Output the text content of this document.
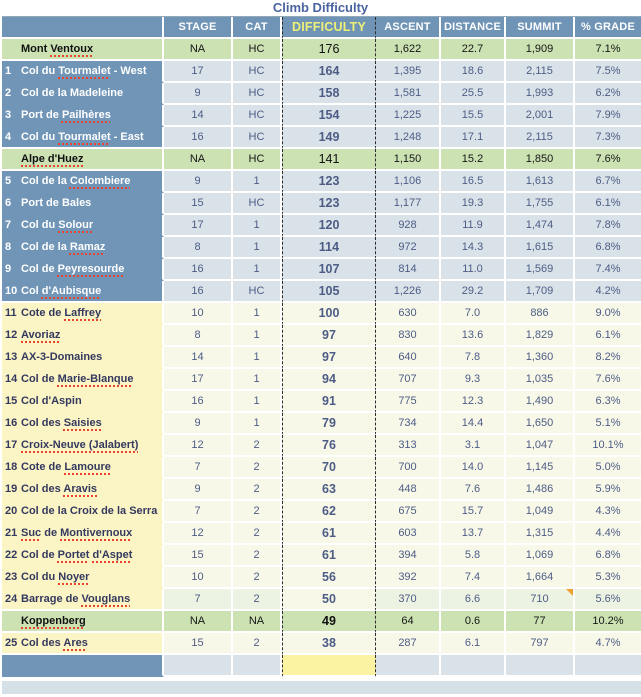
Climb Difficulty
	STAGE	CAT	DIFFICULTY	ASCENT	DISTANCE	SUMMIT	% GRADE
Mont Ventoux	NA	HC	176	1,622	22.7	1,909	7.1%
1 Col du Tourmalet - West	17	HC	164	1,395	18.6	2,115	7.5%
2 Col de la Madeleine	9	HC	158	1,581	25.5	1,993	6.2%
3 Port de Pailhères	14	HC	154	1,225	15.5	2,001	7.9%
4 Col du Tourmalet - East	16	HC	149	1,248	17.1	2,115	7.3%
Alpe d'Huez	NA	HC	141	1,150	15.2	1,850	7.6%
5 Col de la Colombiere	9	1	123	1,106	16.5	1,613	6.7%
6 Port de Bales	15	HC	123	1,177	19.3	1,755	6.1%
7 Col du Solour	17	1	120	928	11.9	1,474	7.8%
8 Col de la Ramaz	8	1	114	972	14.3	1,615	6.8%
9 Col de Peyresourde	16	1	107	814	11.0	1,569	7.4%
10 Col d'Aubisque	16	HC	105	1,226	29.2	1,709	4.2%
11 Cote de Laffrey	10	1	100	630	7.0	886	9.0%
12 Avoriaz	8	1	97	830	13.6	1,829	6.1%
13 AX-3-Domaines	14	1	97	640	7.8	1,360	8.2%
14 Col de Marie-Blanque	17	1	94	707	9.3	1,035	7.6%
15 Col d'Aspin	16	1	91	775	12.3	1,490	6.3%
16 Col des Saisies	9	1	79	734	14.4	1,650	5.1%
17 Croix-Neuve (Jalabert)	12	2	76	313	3.1	1,047	10.1%
18 Cote de Lamoure	7	2	70	700	14.0	1,145	5.0%
19 Col des Aravis	9	2	63	448	7.6	1,486	5.9%
20 Col de la Croix de la Serra	7	2	62	675	15.7	1,049	4.3%
21 Suc de Montivernoux	12	2	61	603	13.7	1,315	4.4%
22 Col de Portet d'Aspet	15	2	61	394	5.8	1,069	6.8%
23 Col du Noyer	10	2	56	392	7.4	1,664	5.3%
24 Barrage de Vouglans	7	2	50	370	6.6	710	5.6%
Koppenberg	NA	NA	49	64	0.6	77	10.2%
25 Col des Ares	15	2	38	287	6.1	797	4.7%
